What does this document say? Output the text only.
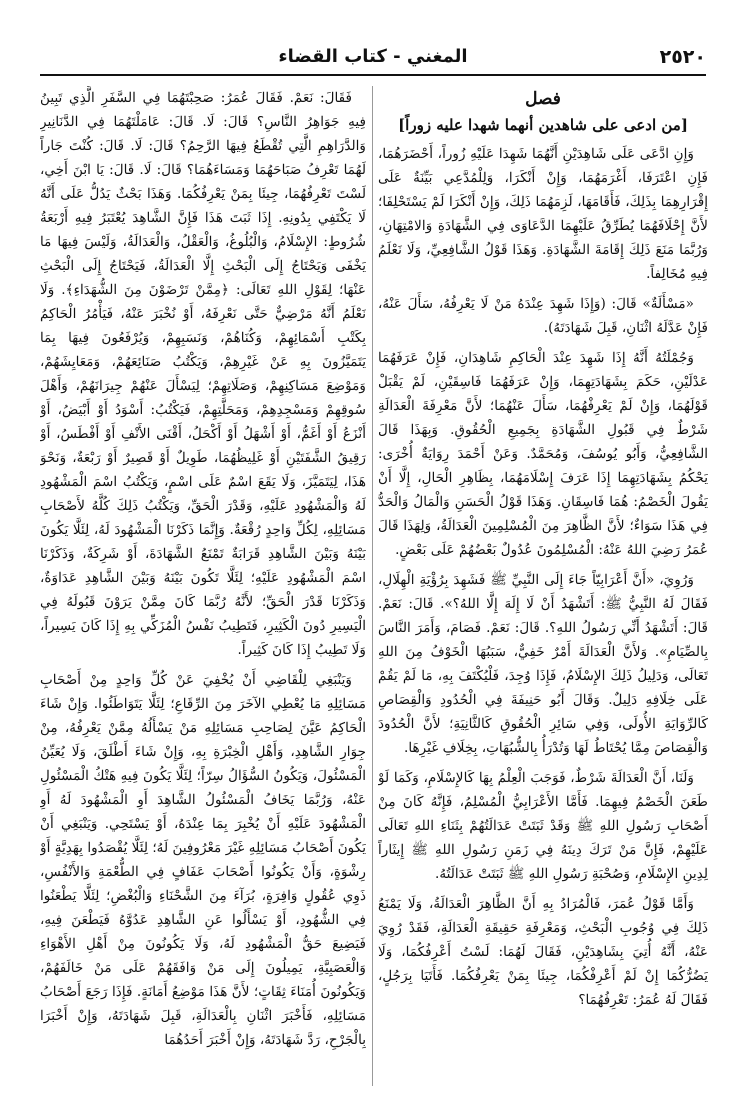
٢٥٢٠
المغني - كتاب القضاء
فصل
[من ادعى على شاهدين أنهما شهدا عليه زوراً]

وَإِنِ ادَّعَى عَلَى شَاهِدَيْنِ أَنَّهُمَا شَهِدَا عَلَيْهِ زُوراً، أَحْضَرَهُمَا، فَإِنِ اعْتَرَفَا، أَغْرَمَهُمَا، وَإِنْ أَنْكَرَا، وَلِلْمُدَّعِي بَيِّنَةٌ عَلَى إِقْرَارِهِمَا بِذَلِكَ، فَأَقَامَهَا، لَزِمَهُمَا ذَلِكَ، وَإِنْ أَنْكَرَا لَمْ يَسْتَحْلِفَا؛ لأَنَّ إِحْلَافَهُمَا يُطَرِّقُ عَلَيْهِمَا الدَّعَاوَى فِي الشَّهَادَةِ وَالامْتِهَانِ، وَرُبَّمَا مَنَعَ ذَلِكَ إِقَامَةَ الشَّهَادَةِ. وَهَذَا قَوْلُ الشَّافِعِيِّ، وَلَا نَعْلَمُ فِيهِ مُخَالِفاً.

«مَسْأَلَةٌ» قَالَ: (وَإِذَا شَهِدَ عِنْدَهُ مَنْ لَا يَعْرِفُهُ، سَأَلَ عَنْهُ، فَإِنْ عَدَّلَهُ اثْنَانِ، قَبِلَ شَهَادَتَهُ).

وَجُمْلَتُهُ أَنَّهُ إِذَا شَهِدَ عِنْدَ الْحَاكِمِ شَاهِدَانِ، فَإِنْ عَرَفَهُمَا عَدْلَيْنِ، حَكَمَ بِشَهَادَتِهِمَا، وَإِنْ عَرَفَهُمَا فَاسِقَيْنِ، لَمْ يَقْبَلْ قَوْلَهُمَا، وَإِنْ لَمْ يَعْرِفْهُمَا، سَأَلَ عَنْهُمَا؛ لأَنَّ مَعْرِفَةَ الْعَدَالَةِ شَرْطٌ فِي قَبُولِ الشَّهَادَةِ بِجَمِيعِ الْحُقُوقِ. وَبِهَذَا قَالَ الشَّافِعِيُّ، وَأَبُو يُوسُفَ، وَمُحَمَّدٌ. وَعَنْ أَحْمَدَ رِوَايَةٌ أُخْرَى: يَحْكُمُ بِشَهَادَتِهِمَا إِذَا عَرَفَ إِسْلَامَهُمَا، بِظَاهِرِ الْحَالِ، إِلَّا أَنْ يَقُولَ الْخَصْمُ: هُمَا فَاسِقَانِ. وَهَذَا قَوْلُ الْحَسَنِ وَالْمَالُ وَالْحَدُّ فِي هَذَا سَوَاءٌ؛ لأَنَّ الظَّاهِرَ مِنَ الْمُسْلِمِينَ الْعَدَالَةُ، وَلِهَذَا قَالَ عُمَرُ رَضِيَ اللهُ عَنْهُ: الْمُسْلِمُونَ عُدُولٌ بَعْضُهُمْ عَلَى بَعْضٍ.

وَرُوِيَ، «أَنَّ أَعْرَابِيّاً جَاءَ إِلَى النَّبِيِّ ﷺ فَشَهِدَ بِرُؤْيَةِ الْهِلَالِ، فَقَالَ لَهُ النَّبِيُّ ﷺ: أَتَشْهَدُ أَنْ لَا إِلَهَ إِلَّا اللهُ؟». قَالَ: نَعَمْ. قَالَ: أَتَشْهَدُ أَنِّي رَسُولُ اللهِ؟. قَالَ: نَعَمْ. فَصَامَ، وَأَمَرَ النَّاسَ بِالصِّيَامِ». وَلأَنَّ الْعَدَالَةَ أَمْرٌ خَفِيٌّ، سَبَبُهَا الْخَوْفُ مِنَ اللهِ تَعَالَى، وَدَلِيلُ ذَلِكَ الإِسْلَامُ، فَإِذَا وُجِدَ، فَلْيُكْتَفَ بِهِ، مَا لَمْ يَقُمْ عَلَى خِلَافِهِ دَلِيلٌ. وَقَالَ أَبُو حَنِيفَةَ فِي الْحُدُودِ وَالْقِصَاصِ كَالرِّوَايَةِ الأُولَى، وَفِي سَائِرِ الْحُقُوقِ كَالثَّانِيَةِ؛ لأَنَّ الْحُدُودَ وَالْقِصَاصَ مِمَّا يُحْتَاطُ لَهَا وَتُدْرَأُ بِالشُّبُهَاتِ، بِخِلَافِ غَيْرِهَا.

وَلَنَا، أَنَّ الْعَدَالَةَ شَرْطٌ، فَوَجَبَ الْعِلْمُ بِهَا كَالإِسْلَامِ، وَكَمَا لَوْ طَعَنَ الْخَصْمُ فِيهِمَا. فَأَمَّا الأَعْرَابِيُّ الْمُسْلِمُ، فَإِنَّهُ كَانَ مِنْ أَصْحَابِ رَسُولِ اللهِ ﷺ وَقَدْ ثَبَتَتْ عَدَالَتُهُمْ بِثَنَاءِ اللهِ تَعَالَى عَلَيْهِمْ، فَإِنَّ مَنْ تَرَكَ دِينَهُ فِي زَمَنِ رَسُولِ اللهِ ﷺ إِيثَاراً لِدِينِ الإِسْلَامِ، وَصُحْبَةِ رَسُولِ اللهِ ﷺ ثَبَتَتْ عَدَالَتُهُ.

وَأَمَّا قَوْلُ عُمَرَ، فَالْمُرَادُ بِهِ أَنَّ الظَّاهِرَ الْعَدَالَةُ، وَلَا يَمْنَعُ ذَلِكَ فِي وُجُوبِ الْبَحْثِ، وَمَعْرِفَةِ حَقِيقَةِ الْعَدَالَةِ، فَقَدْ رُوِيَ عَنْهُ، أَنَّهُ أُتِيَ بِشَاهِدَيْنِ، فَقَالَ لَهُمَا: لَسْتُ أَعْرِفُكُمَا، وَلَا يَضُرُّكُمَا إِنْ لَمْ أَعْرِفْكُمَا، جِيئَا بِمَنْ يَعْرِفُكُمَا. فَأَتَيَا بِرَجُلٍ، فَقَالَ لَهُ عُمَرُ: تَعْرِفُهُمَا؟

فَقَالَ: نَعَمْ. فَقَالَ عُمَرُ: صَحِبْتَهُمَا فِي السَّفَرِ الَّذِي تَبِينُ فِيهِ جَوَاهِرُ النَّاسِ؟ قَالَ: لَا. قَالَ: عَامَلْتَهُمَا فِي الدَّنَانِيرِ وَالدَّرَاهِمِ الَّتِي تُقْطَعُ فِيهَا الرَّحِمُ؟ قَالَ: لَا. قَالَ: كُنْتَ جَاراً لَهُمَا تَعْرِفُ صَبَاحَهُمَا وَمَسَاءَهُمَا؟ قَالَ: لَا. قَالَ: يَا ابْنَ أَخِي، لَسْتَ تَعْرِفُهُمَا، جِيئَا بِمَنْ يَعْرِفُكُمَا. وَهَذَا بَحْثٌ يَدُلُّ عَلَى أَنَّهُ لَا يَكْتَفِي بِدُونِهِ. إِذَا ثَبَتَ هَذَا فَإِنَّ الشَّاهِدَ يُعْتَبَرُ فِيهِ أَرْبَعَةُ شُرُوطٍ: الإِسْلَامُ، وَالْبُلُوغُ، وَالْعَقْلُ، وَالْعَدَالَةُ، وَلَيْسَ فِيهَا مَا يَخْفَى وَيَحْتَاجُ إِلَى الْبَحْثِ إِلَّا الْعَدَالَةُ، فَيَحْتَاجُ إِلَى الْبَحْثِ عَنْهَا؛ لِقَوْلِ اللهِ تَعَالَى: ﴿مِمَّنْ تَرْضَوْنَ مِنَ الشُّهَدَاءِ﴾. وَلَا نَعْلَمُ أَنَّهُ مَرْضِيٌّ حَتَّى نَعْرِفَهُ، أَوْ نُخْبَرَ عَنْهُ، فَيَأْمُرُ الْحَاكِمُ بِكَتْبِ أَسْمَائِهِمْ، وَكُنَاهُمْ، وَنَسَبِهِمْ، وَيُرْفَعُونَ فِيهَا بِمَا يَتَمَيَّزُونَ بِهِ عَنْ غَيْرِهِمْ، وَيَكْتُبُ صَنَائِعَهُمْ، وَمَعَايِشَهُمْ، وَمَوْضِعَ مَسَاكِنِهِمْ، وَصَلَاتِهِمْ؛ لِيَسْأَلَ عَنْهُمْ جِيرَانَهُمْ، وَأَهْلَ سُوقِهِمْ وَمَسْجِدِهِمْ، وَمَحَلَّتِهِمْ، فَيَكْتُبُ: أَسْوَدُ أَوْ أَبْيَضُ، أَوْ أَنْزَعُ أَوْ أَغَمُّ، أَوْ أَشْهَلُ أَوْ أَكْحَلُ، أَقْنَى الأَنْفِ أَوْ أَفْطَسُ، أَوْ رَقِيقُ الشَّفَتَيْنِ أَوْ غَلِيظُهُمَا، طَوِيلٌ أَوْ قَصِيرٌ أَوْ رَبْعَةٌ، وَنَحْوَ هَذَا، لِيَتَمَيَّزَ، وَلَا يَقَعَ اسْمٌ عَلَى اسْمٍ، وَيَكْتُبُ اسْمَ الْمَشْهُودِ لَهُ وَالْمَشْهُودِ عَلَيْهِ، وَقَدْرَ الْحَقِّ، وَيَكْتُبُ ذَلِكَ كُلَّهُ لأَصْحَابِ مَسَائِلِهِ، لِكُلِّ وَاحِدٍ رُقْعَةٌ. وَإِنَّمَا ذَكَرْنَا الْمَشْهُودَ لَهُ، لِئَلَّا يَكُونَ بَيْنَهُ وَبَيْنَ الشَّاهِدِ قَرَابَةٌ تَمْنَعُ الشَّهَادَةَ، أَوْ شَرِكَةٌ، وَذَكَرْنَا اسْمَ الْمَشْهُودِ عَلَيْهِ؛ لِئَلَّا تَكُونَ بَيْنَهُ وَبَيْنَ الشَّاهِدِ عَدَاوَةٌ، وَذَكَرْنَا قَدْرَ الْحَقِّ؛ لأَنَّهُ رُبَّمَا كَانَ مِمَّنْ يَرَوْنَ قَبُولَهُ فِي الْيَسِيرِ دُونَ الْكَثِيرِ، فَتَطِيبُ نَفْسُ الْمُزَكِّي بِهِ إِذَا كَانَ يَسِيراً، وَلَا تَطِيبُ إِذَا كَانَ كَثِيراً.

وَيَنْبَغِي لِلْقَاضِي أَنْ يُخْفِيَ عَنْ كُلِّ وَاحِدٍ مِنْ أَصْحَابِ مَسَائِلِهِ مَا يُعْطِي الآخَرَ مِنَ الرِّقَاعِ؛ لِئَلَّا يَتَوَاطَئُوا. وَإِنْ شَاءَ الْحَاكِمُ عَيَّنَ لِصَاحِبِ مَسَائِلِهِ مَنْ يَسْأَلُهُ مِمَّنْ يَعْرِفُهُ، مِنْ جِوَارِ الشَّاهِدِ، وَأَهْلِ الْخِبْرَةِ بِهِ، وَإِنْ شَاءَ أَطْلَقَ، وَلَا يُعَيِّنُ الْمَسْئُولَ، وَيَكُونُ السُّؤَالُ سِرّاً؛ لِئَلَّا يَكُونَ فِيهِ هَتْكُ الْمَسْئُولِ عَنْهُ، وَرُبَّمَا يَخَافُ الْمَسْئُولُ الشَّاهِدَ أَوِ الْمَشْهُودَ لَهُ أَوِ الْمَشْهُودَ عَلَيْهِ أَنْ يُخْبِرَ بِمَا عِنْدَهُ، أَوْ يَسْتَحِي. وَيَنْبَغِي أَنْ يَكُونَ أَصْحَابُ مَسَائِلِهِ غَيْرَ مَعْرُوفِينَ لَهُ؛ لِئَلَّا يُقْصَدُوا بِهَدِيَّةٍ أَوْ رِشْوَةٍ، وَأَنْ يَكُونُوا أَصْحَابَ عَفَافٍ فِي الطُّعْمَةِ وَالأَنْفُسِ، ذَوِي عُقُولٍ وَافِرَةٍ، بُرَآءَ مِنَ الشَّحْنَاءِ وَالْبُغْضِ؛ لِئَلَّا يَطْعَنُوا فِي الشُّهُودِ، أَوْ يَسْأَلُوا عَنِ الشَّاهِدِ عَدُوَّهُ فَيَطْعَنَ فِيهِ، فَيَضِيعَ حَقُّ الْمَشْهُودِ لَهُ، وَلَا يَكُونُونَ مِنْ أَهْلِ الأَهْوَاءِ وَالْعَصَبِيَّةِ، يَمِيلُونَ إِلَى مَنْ وَافَقَهُمْ عَلَى مَنْ خَالَفَهُمْ، وَيَكُونُونَ أُمَنَاءَ ثِقَاتٍ؛ لأَنَّ هَذَا مَوْضِعُ أَمَانَةٍ. فَإِذَا رَجَعَ أَصْحَابُ مَسَائِلِهِ، فَأَخْبَرَ اثْنَانِ بِالْعَدَالَةِ، قَبِلَ شَهَادَتَهُ، وَإِنْ أَخْبَرَا بِالْجَرْحِ، رَدَّ شَهَادَتَهُ، وَإِنْ أَخْبَرَ أَحَدُهُمَا
